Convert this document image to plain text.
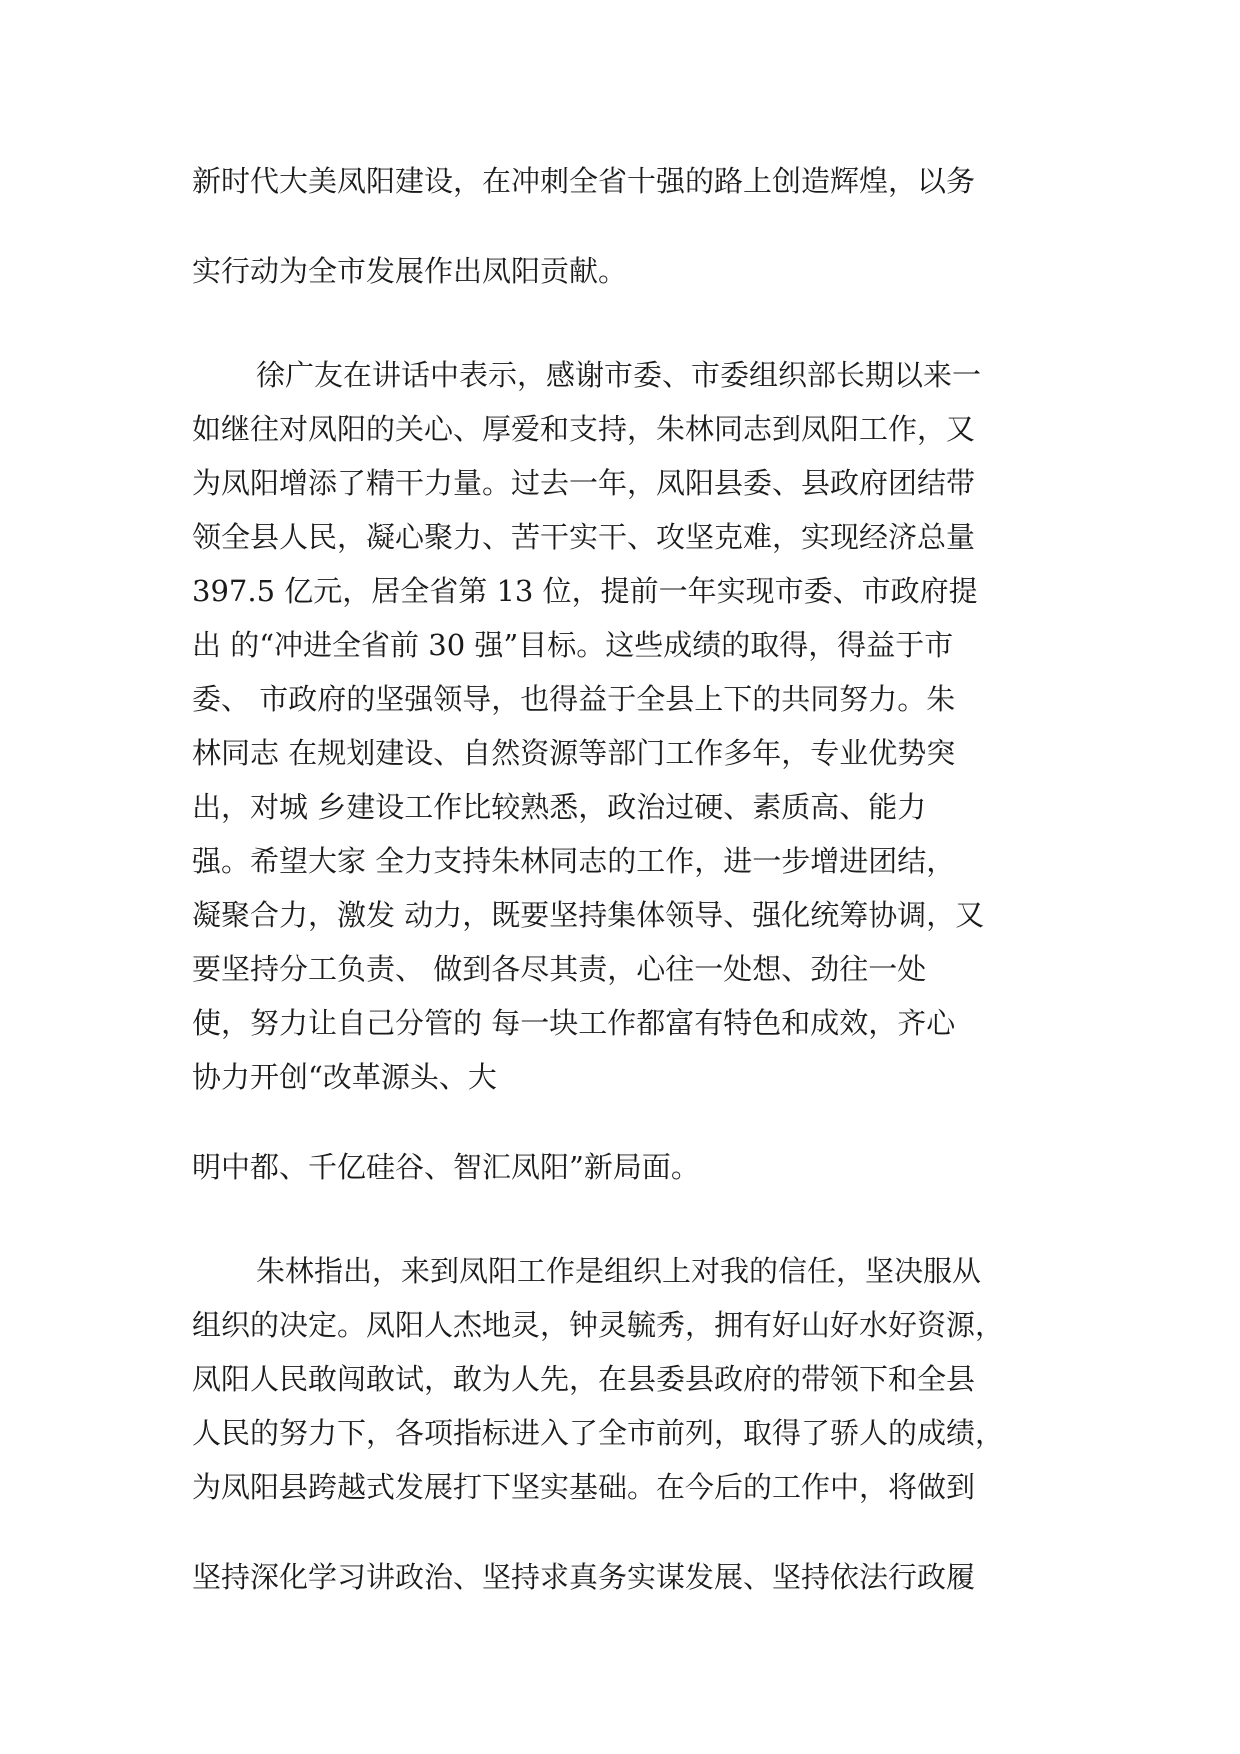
新时代大美凤阳建设，在冲刺全省十强的路上创造辉煌，以务

实行动为全市发展作出凤阳贡献。

徐广友在讲话中表示，感谢市委、市委组织部长期以来一

如继往对凤阳的关心、厚爱和支持，朱林同志到凤阳工作，又

为凤阳增添了精干力量。过去一年，凤阳县委、县政府团结带

领全县人民，凝心聚力、苦干实干、攻坚克难，实现经济总量

397.5 亿元，居全省第 13 位，提前一年实现市委、市政府提

出 的“冲进全省前 30 强”目标。这些成绩的取得，得益于市

委、 市政府的坚强领导，也得益于全县上下的共同努力。朱

林同志 在规划建设、自然资源等部门工作多年，专业优势突

出，对城 乡建设工作比较熟悉，政治过硬、素质高、能力

强。希望大家 全力支持朱林同志的工作，进一步增进团结，

凝聚合力，激发 动力，既要坚持集体领导、强化统筹协调，又

要坚持分工负责、 做到各尽其责，心往一处想、劲往一处

使，努力让自己分管的 每一块工作都富有特色和成效，齐心

协力开创“改革源头、大

明中都、千亿硅谷、智汇凤阳”新局面。

朱林指出，来到凤阳工作是组织上对我的信任，坚决服从

组织的决定。凤阳人杰地灵，钟灵毓秀，拥有好山好水好资源，

凤阳人民敢闯敢试，敢为人先，在县委县政府的带领下和全县

人民的努力下，各项指标进入了全市前列，取得了骄人的成绩，

为凤阳县跨越式发展打下坚实基础。在今后的工作中，将做到

坚持深化学习讲政治、坚持求真务实谋发展、坚持依法行政履
